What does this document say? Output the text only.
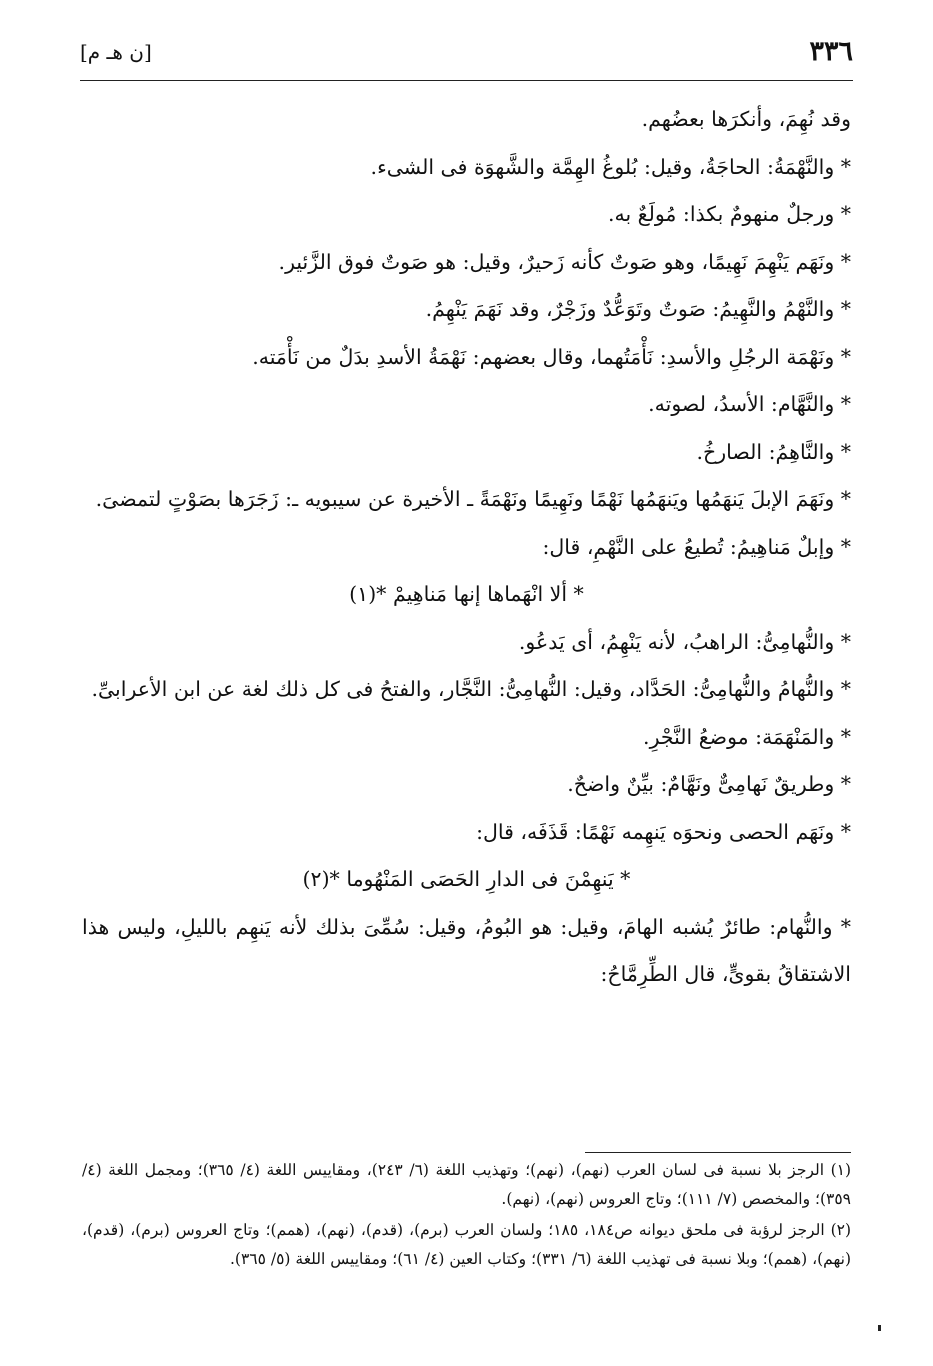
٣٣٦
[ن هـ م]

وقد نُهِمَ، وأنكرَها بعضُهم.

* والنَّهْمَةُ: الحاجَةُ، وقيل: بُلوغُ الهِمَّة والشَّهوَة فى الشىء.

* ورجلٌ منهومٌ بكذا: مُولَعٌ به.

* ونَهَم يَنْهِمَ نَهِيمًا، وهو صَوتٌ كأنه زَحيرٌ، وقيل: هو صَوتٌ فوق الزَّئير.

* والنَّهْمُ والنَّهِيمُ: صَوتٌ وتَوَعُّدٌ وزَجْرٌ، وقد نَهَمَ يَنْهِمُ.

* ونَهْمَة الرجُلِ والأسدِ: نَأْمَتُهما، وقال بعضهم: نَهْمَةُ الأسدِ بدَلٌ من نَأْمَته.

* والنَّهَّام: الأسدُ، لصوته.

* والنَّاهِمُ: الصارخُ.

* ونَهَمَ الإبلَ يَنهَمُها ويَنهَمُها نَهْمًا ونَهِيمًا ونَهْمَةً ـ الأخيرة عن سيبويه ـ: زَجَرَها بصَوْتٍ لتمضىَ.

* وإبلٌ مَناهِيمُ: تُطيعُ على النَّهْمِ، قال:

* ألا انْهَماها إنها مَناهِيمْ *(١)

* والنُّهامِىُّ: الراهبُ، لأنه يَنْهِمُ، أى يَدعُو.

* والنُّهامُ والنُّهامِىُّ: الحَدَّاد، وقيل: النُّهامِىُّ: النَّجَّار، والفتحُ فى كل ذلك لغة عن ابن الأعرابىِّ.

* والمَنْهَمَة: موضعُ النَّجْرِ.

* وطريقٌ نَهامِىٌّ ونَهَّامٌ: بيِّنٌ واضحٌ.

* ونَهَم الحصى ونحوَه يَنهِمه نَهْمًا: قَذَفَه، قال:

* يَنهِمْنَ فى الدارِ الحَصَى المَنْهُوما *(٢)

* والنُّهام: طائرٌ يُشبه الهامَ، وقيل: هو البُومُ، وقيل: سُمِّىَ بذلك لأنه يَنهِم بالليلِ، وليس هذا الاشتقاقُ بقوىٍّ، قال الطِّرِمَّاحُ:

(١) الرجز بلا نسبة فى لسان العرب (نهم)، (نهم)؛ وتهذيب اللغة (٦/ ٢٤٣)، ومقاييس اللغة (٤/ ٣٦٥)؛ ومجمل اللغة (٤/ ٣٥٩)؛ والمخصص (٧/ ١١١)؛ وتاج العروس (نهم)، (نهم).

(٢) الرجز لرؤبة فى ملحق ديوانه ص١٨٤، ١٨٥؛ ولسان العرب (برم)، (قدم)، (نهم)، (همم)؛ وتاج العروس (برم)، (قدم)، (نهم)، (همم)؛ وبلا نسبة فى تهذيب اللغة (٦/ ٣٣١)؛ وكتاب العين (٤/ ٦١)؛ ومقاييس اللغة (٥/ ٣٦٥).
